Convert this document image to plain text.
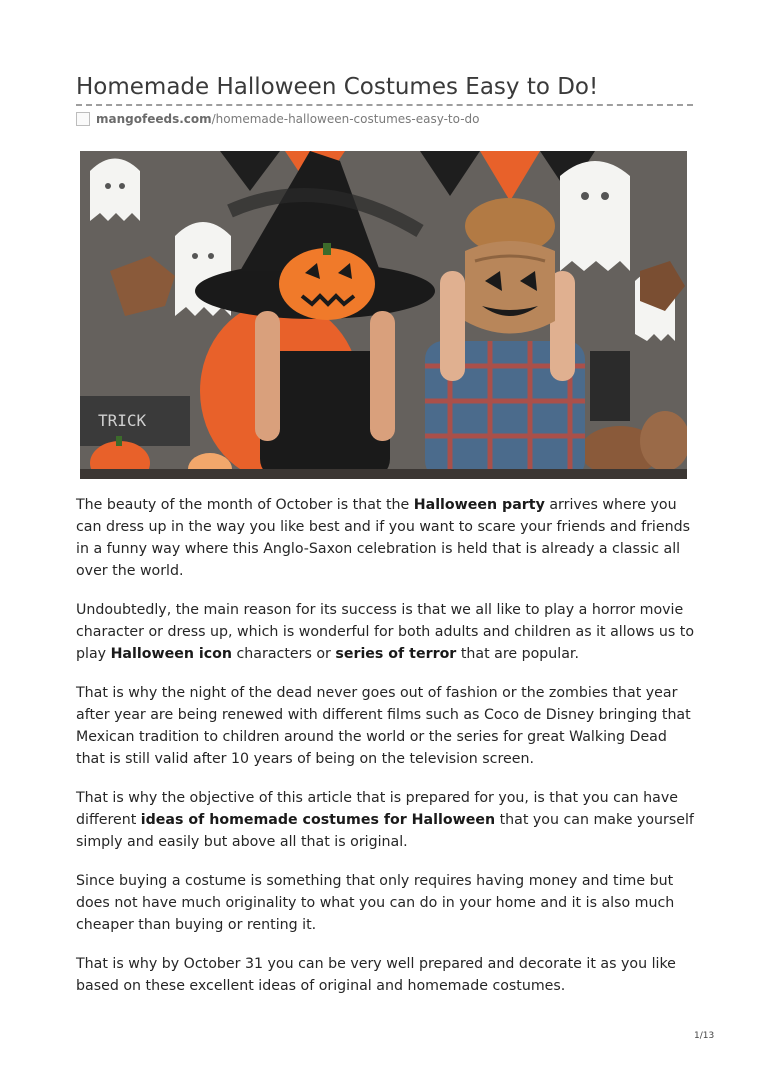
Homemade Halloween Costumes Easy to Do!
mangofeeds.com /homemade-halloween-costumes-easy-to-do
TRICK

The beauty of the month of October is that the Halloween party arrives where you can dress up in the way you like best and if you want to scare your friends and friends in a funny way where this Anglo-Saxon celebration is held that is already a classic all over the world.

Undoubtedly, the main reason for its success is that we all like to play a horror movie character or dress up, which is wonderful for both adults and children as it allows us to play Halloween icon characters or series of terror that are popular.

That is why the night of the dead never goes out of fashion or the zombies that year after year are being renewed with different films such as Coco de Disney bringing that Mexican tradition to children around the world or the series for great Walking Dead that is still valid after 10 years of being on the television screen.

That is why the objective of this article that is prepared for you, is that you can have different ideas of homemade costumes for Halloween that you can make yourself simply and easily but above all that is original.

Since buying a costume is something that only requires having money and time but does not have much originality to what you can do in your home and it is also much cheaper than buying or renting it.

That is why by October 31 you can be very well prepared and decorate it as you like based on these excellent ideas of original and homemade costumes.

1/13
